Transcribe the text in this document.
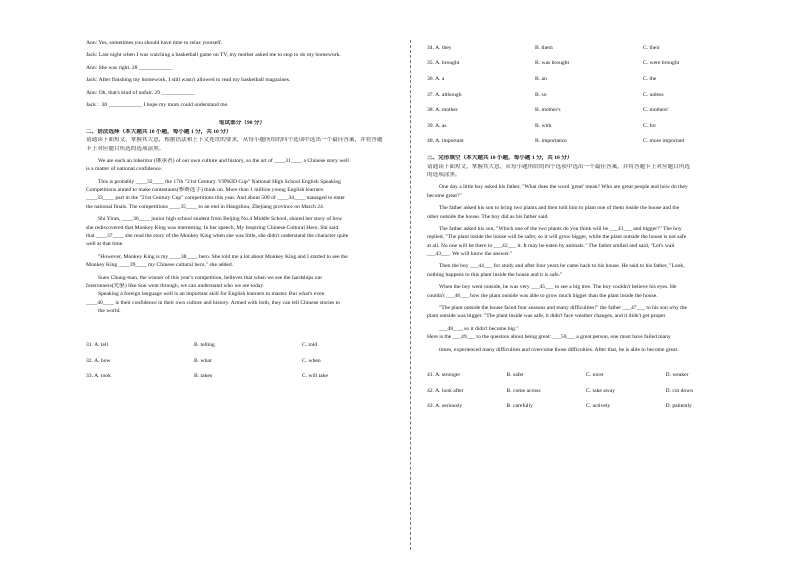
Ann: Yes, sometimes you should have time to relax yourself.
Jack: Last night when I was watching a basketball game on TV, my mother asked me to stop to do my homework.
Ann: She was right. 28 ____________
Jack: After finishing my homework, I still wasn't allowed to read my basketball magazines.
Ann: Oh, that's kind of unfair. 29 ____________
Jack：30 ____________ I hope my mom could understand me.
笔试部分（90 分）
二、语法选择（本大题共 10 小题，每小题 1 分，共 10 分）
请通读下面短文，掌握其大意，根据语法和上下文连贯的要求，从每小题所给的四个选项中选出一个最佳答案，并将答题
卡上对应题目所选的选项涂黑。
We are each an inheritor (继承者) of our own culture and history, so the art of ____31____ a Chinese story well
is a matter of national confidence.
This is probably ____32____ the 17th "21st Century. VIPKID Cup" National High School English Speaking
Competitions aimed to make contestants(参赛选手) think on. More than 1 million young English learners
____33____ part in the "21st Century Cup" competitions this year. And about 500 of ____34____ managed to enter
the national finals. The competitions ____35____ to an end in Hangzhou, Zhejiang province on March 24.
Shi Yiran, ____36____ junior high school student from Beijing No.4 Middle School, shared her story of how
she rediscovered that Monkey King was interesting. In her speech, My Inspiring Chinese Cultural Hero, Shi said
that ____37____ she read the story of the Monkey King when she was little, she didn't understand the character quite
well at that time.
"However, Monkey King is my ____38____ hero. She told me a lot about Monkey King and I started to see the
Monkey King ____39____ my Chinese cultural hero," she added.
Suen Chung-man, the winner of this year's competition, believes that when we see the hardships our
forerunners(先驱) like Sun went through, we can understand who we are today.
Speaking a foreign language well is an important skill for English learners to master. But what's even
____40____ is their confidence in their own culture and history. Armed with both, they can tell Chinese stories to
the world.
31. A. tell	B. telling	C. told
32. A. how	B. what	C. when
33. A. took	B. takes	C. will take
34. A. they	B. them	C. their
35. A. brought	B. was brought	C. were brought
36. A. a	B. an	C. the
37. A. although	B. so	C. unless
38. A. mother	B. mother's	C. mothers'
39. A. as	B. with	C. for
40. A. important	B. importance	C. more important
三、完形填空（本大题共 10 小题，每小题 1 分，共 10 分）
请通读下面短文，掌握其大意，从每小题所给的四个选项中选出一个最佳答案，并将答题卡上对应题目所选
的选项涂黑。
One day a little boy asked his father, "What does the word 'great' mean? Who are great people and how do they
become great?"
The father asked his son to bring two plants and then told him to plant one of them inside the house and the
other outside the house. The boy did as his father said.
The father asked his son, "Which one of the two plants do you think will be ___41___ and bigger?" The boy
replied, "The plant inside the house will be safer, so it will grow bigger, while the plant outside the house is not safe
at all. No one will be there to ___42___ it. It may be eaten by animals." The father smiled and said, "Let's wait
___43___. We will know the answer."
Then the boy ___44___ for study and after four years he came back to his house. He said to his father, "Look,
nothing happens to this plant inside the house and it is safe."
When the boy went outside, he was very ___45___ to see a big tree. The boy couldn't believe his eyes. He
couldn't ___46___ how the plant outside was able to grow much bigger than the plant inside the house.
"The plant outside the house faced four seasons and many difficulties!" the father ___47___ to his son why the
plant outside was bigger. "The plant inside was safe, it didn't face weather changes, and it didn't get proper
___48___, so it didn't become big."
Here is the ___49___ to the question about being great: ___50___ a great person, one must have failed many
times, experienced many difficulties and overcome those difficulties. After that, he is able to become great.
41. A. stronger	B. safer	C. nicer	D. weaker
42. A. look after	B. come across	C. take away	D. cut down
43. A. seriously	B. carefully	C. actively	D. patiently
